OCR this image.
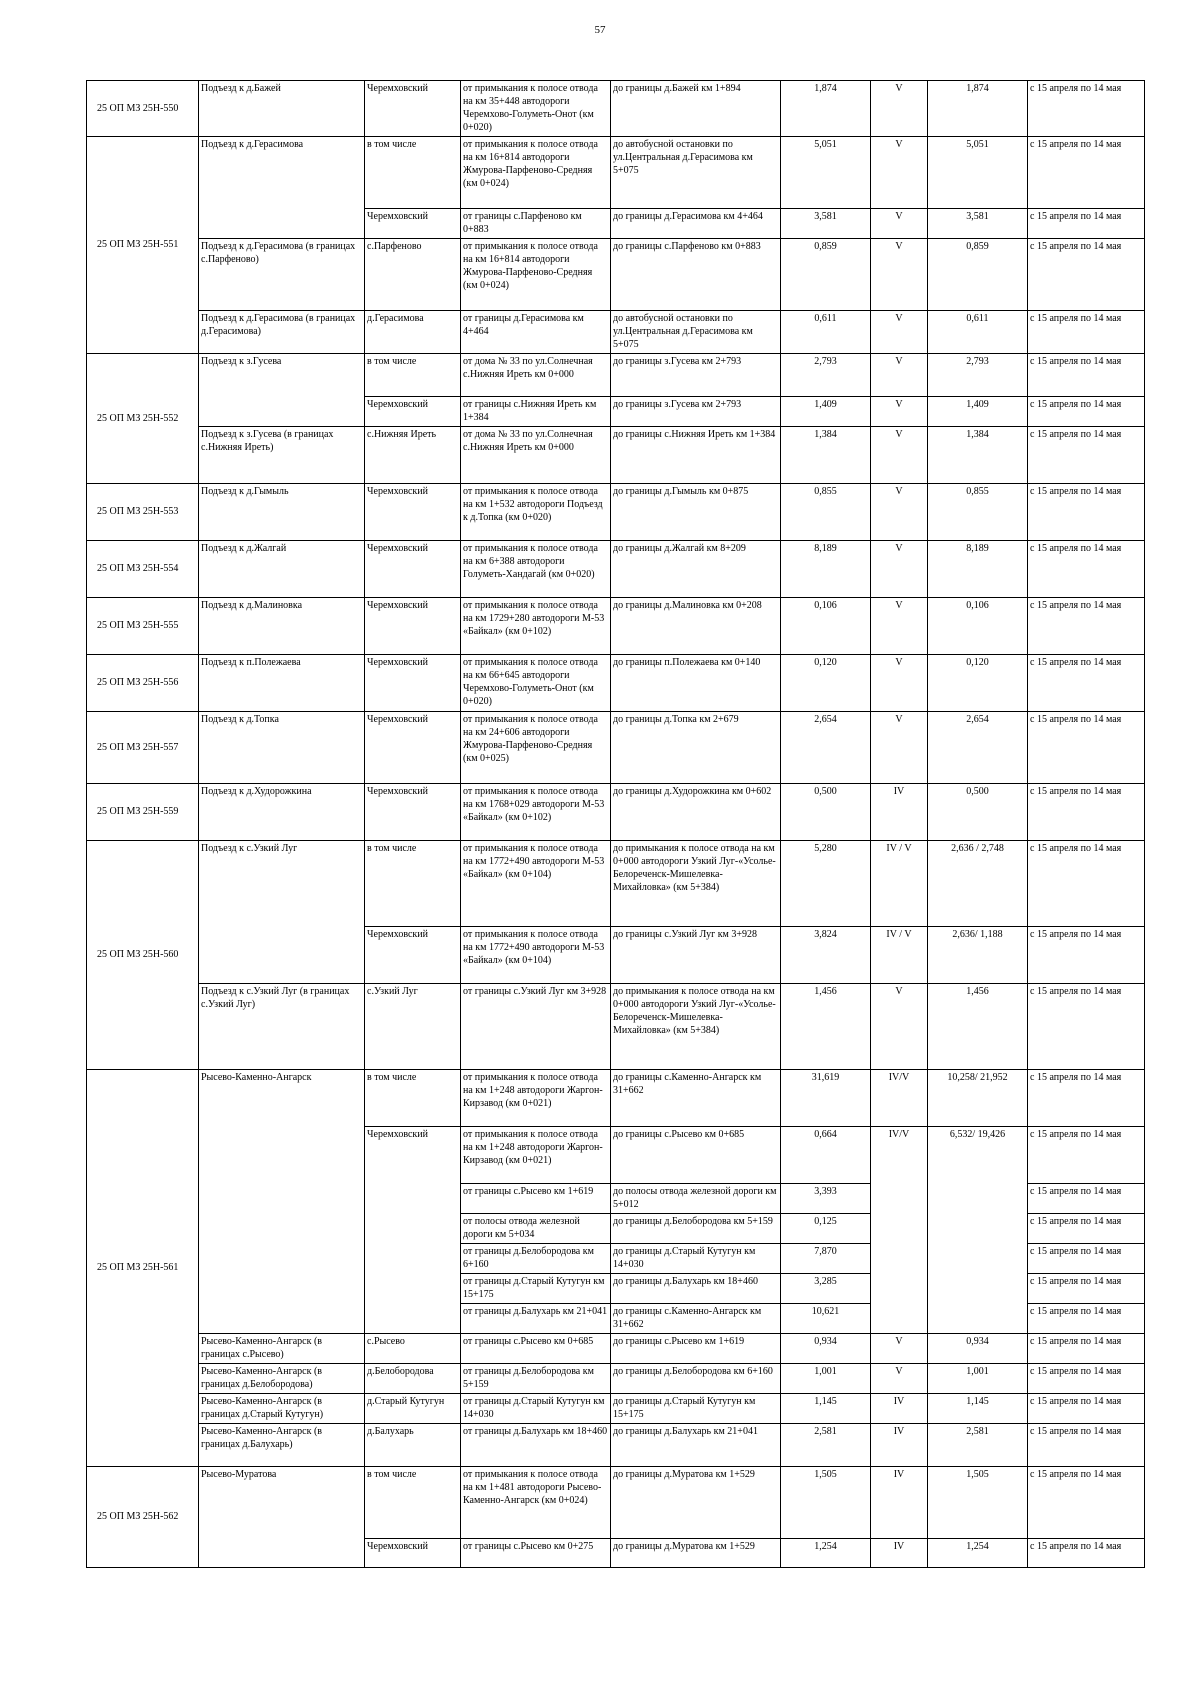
57
25 ОП МЗ 25Н-550	Подъезд к д.Бажей	Черемховский	от примыкания к полосе отвода на км 35+448 автодороги Черемхово-Голуметь-Онот (км 0+020)	до границы д.Бажей км 1+894	1,874	V	1,874	с 15 апреля по 14 мая
25 ОП МЗ 25Н-551	Подъезд к д.Герасимова	в том числе	от примыкания к полосе отвода на км 16+814 автодороги Жмурова-Парфеново-Средняя (км 0+024)	до автобусной остановки по ул.Центральная д.Герасимова км 5+075	5,051	V	5,051	с 15 апреля по 14 мая
		Черемховский	от границы с.Парфеново км 0+883	до границы д.Герасимова км 4+464	3,581	V	3,581	с 15 апреля по 14 мая
	Подъезд к д.Герасимова (в границах с.Парфеново)	с.Парфеново	от примыкания к полосе отвода на км 16+814 автодороги Жмурова-Парфеново-Средняя (км 0+024)	до границы с.Парфеново км 0+883	0,859	V	0,859	с 15 апреля по 14 мая
	Подъезд к д.Герасимова (в границах д.Герасимова)	д.Герасимова	от границы д.Герасимова км 4+464	до автобусной остановки по ул.Центральная д.Герасимова км 5+075	0,611	V	0,611	с 15 апреля по 14 мая
25 ОП МЗ 25Н-552	Подъезд к з.Гусева	в том числе	от дома № 33 по ул.Солнечная с.Нижняя Иреть км 0+000	до границы з.Гусева км 2+793	2,793	V	2,793	с 15 апреля по 14 мая
		Черемховский	от границы с.Нижняя Иреть км 1+384	до границы з.Гусева км 2+793	1,409	V	1,409	с 15 апреля по 14 мая
	Подъезд к з.Гусева (в границах с.Нижняя Иреть)	с.Нижняя Иреть	от дома № 33 по ул.Солнечная с.Нижняя Иреть км 0+000	до границы с.Нижняя Иреть км 1+384	1,384	V	1,384	с 15 апреля по 14 мая
25 ОП МЗ 25Н-553	Подъезд к д.Гымыль	Черемховский	от примыкания к полосе отвода на км 1+532 автодороги Подъезд к д.Топка (км 0+020)	до границы д.Гымыль км 0+875	0,855	V	0,855	с 15 апреля по 14 мая
25 ОП МЗ 25Н-554	Подъезд к д.Жалгай	Черемховский	от примыкания к полосе отвода на км 6+388 автодороги Голуметь-Хандагай (км 0+020)	до границы д.Жалгай км 8+209	8,189	V	8,189	с 15 апреля по 14 мая
25 ОП МЗ 25Н-555	Подъезд к д.Малиновка	Черемховский	от примыкания к полосе отвода на км 1729+280 автодороги М-53 «Байкал» (км 0+102)	до границы д.Малиновка км 0+208	0,106	V	0,106	с 15 апреля по 14 мая
25 ОП МЗ 25Н-556	Подъезд к п.Полежаева	Черемховский	от примыкания к полосе отвода на км 66+645 автодороги Черемхово-Голуметь-Онот (км 0+020)	до границы п.Полежаева км 0+140	0,120	V	0,120	с 15 апреля по 14 мая
25 ОП МЗ 25Н-557	Подъезд к д.Топка	Черемховский	от примыкания к полосе отвода на км 24+606 автодороги Жмурова-Парфеново-Средняя (км 0+025)	до границы д.Топка км 2+679	2,654	V	2,654	с 15 апреля по 14 мая
25 ОП МЗ 25Н-559	Подъезд к д.Худорожкина	Черемховский	от примыкания к полосе отвода на км 1768+029 автодороги М-53 «Байкал» (км 0+102)	до границы д.Худорожкина км 0+602	0,500	IV	0,500	с 15 апреля по 14 мая
25 ОП МЗ 25Н-560	Подъезд к с.Узкий Луг	в том числе	от примыкания к полосе отвода на км 1772+490 автодороги М-53 «Байкал» (км 0+104)	до примыкания к полосе отвода на км 0+000 автодороги Узкий Луг-«Усолье-Белореченск-Мишелевка-Михайловка» (км 5+384)	5,280	IV / V	2,636 / 2,748	с 15 апреля по 14 мая
		Черемховский	от примыкания к полосе отвода на км 1772+490 автодороги М-53 «Байкал» (км 0+104)	до границы с.Узкий Луг км 3+928	3,824	IV / V	2,636/ 1,188	с 15 апреля по 14 мая
	Подъезд к с.Узкий Луг (в границах с.Узкий Луг)	с.Узкий Луг	от границы с.Узкий Луг км 3+928	до примыкания к полосе отвода на км 0+000 автодороги Узкий Луг-«Усолье-Белореченск-Мишелевка-Михайловка» (км 5+384)	1,456	V	1,456	с 15 апреля по 14 мая
25 ОП МЗ 25Н-561	Рысево-Каменно-Ангарск	в том числе	от примыкания к полосе отвода на км 1+248 автодороги Жаргон-Кирзавод (км 0+021)	до границы с.Каменно-Ангарск км 31+662	31,619	IV/V	10,258/ 21,952	с 15 апреля по 14 мая
		Черемховский	от примыкания к полосе отвода на км 1+248 автодороги Жаргон-Кирзавод (км 0+021)	до границы с.Рысево км 0+685	0,664	IV/V	6,532/ 19,426	с 15 апреля по 14 мая
			от границы с.Рысево км 1+619	до полосы отвода железной дороги км 5+012	3,393			с 15 апреля по 14 мая
			от полосы отвода железной дороги км 5+034	до границы д.Белобородова км 5+159	0,125			с 15 апреля по 14 мая
			от границы д.Белобородова км 6+160	до границы д.Старый Кутугун км 14+030	7,870			с 15 апреля по 14 мая
			от границы д.Старый Кутугун км 15+175	до границы д.Балухарь км 18+460	3,285			с 15 апреля по 14 мая
			от границы д.Балухарь км 21+041	до границы с.Каменно-Ангарск км 31+662	10,621			с 15 апреля по 14 мая
	Рысево-Каменно-Ангарск (в границах с.Рысево)	с.Рысево	от границы с.Рысево км 0+685	до границы с.Рысево км 1+619	0,934	V	0,934	с 15 апреля по 14 мая
	Рысево-Каменно-Ангарск (в границах д.Белобородова)	д.Белобородова	от границы д.Белобородова км 5+159	до границы д.Белобородова км 6+160	1,001	V	1,001	с 15 апреля по 14 мая
	Рысево-Каменно-Ангарск (в границах д.Старый Кутугун)	д.Старый Кутугун	от границы д.Старый Кутугун км 14+030	до границы д.Старый Кутугун км 15+175	1,145	IV	1,145	с 15 апреля по 14 мая
	Рысево-Каменно-Ангарск (в границах д.Балухарь)	д.Балухарь	от границы д.Балухарь км 18+460	до границы д.Балухарь км 21+041	2,581	IV	2,581	с 15 апреля по 14 мая
25 ОП МЗ 25Н-562	Рысево-Муратова	в том числе	от примыкания к полосе отвода на км 1+481 автодороги Рысево-Каменно-Ангарск (км 0+024)	до границы д.Муратова км 1+529	1,505	IV	1,505	с 15 апреля по 14 мая
		Черемховский	от границы с.Рысево км 0+275	до границы д.Муратова км 1+529	1,254	IV	1,254	с 15 апреля по 14 мая
